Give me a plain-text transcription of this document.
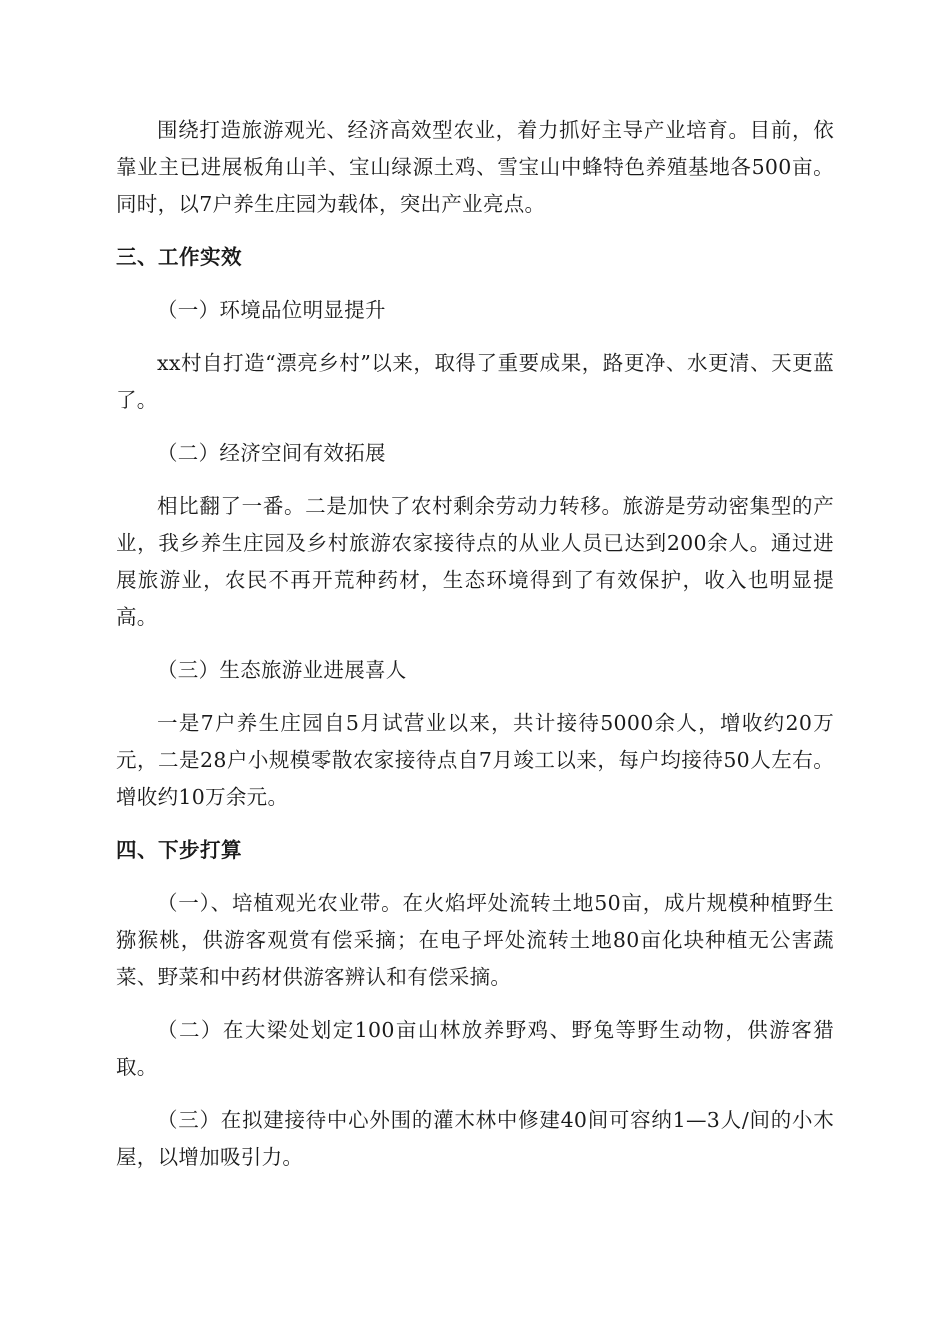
围绕打造旅游观光、经济高效型农业，着力抓好主导产业培育。目前，依靠业主已进展板角山羊、宝山绿源土鸡、雪宝山中蜂特色养殖基地各500亩。同时，以7户养生庄园为载体，突出产业亮点。

三、工作实效

（一）环境品位明显提升

xx村自打造“漂亮乡村”以来，取得了重要成果，路更净、水更清、天更蓝了。

（二）经济空间有效拓展

相比翻了一番。二是加快了农村剩余劳动力转移。旅游是劳动密集型的产业，我乡养生庄园及乡村旅游农家接待点的从业人员已达到200余人。通过进展旅游业，农民不再开荒种药材，生态环境得到了有效保护，收入也明显提高。

（三）生态旅游业进展喜人

一是7户养生庄园自5月试营业以来，共计接待5000余人，增收约20万元，二是28户小规模零散农家接待点自7月竣工以来，每户均接待50人左右。增收约10万余元。

四、下步打算

（一）、培植观光农业带。在火焰坪处流转土地50亩，成片规模种植野生猕猴桃，供游客观赏有偿采摘；在电子坪处流转土地80亩化块种植无公害蔬菜、野菜和中药材供游客辨认和有偿采摘。

（二）在大梁处划定100亩山林放养野鸡、野兔等野生动物，供游客猎取。

（三）在拟建接待中心外围的灌木林中修建40间可容纳1—3人/间的小木屋，以增加吸引力。
